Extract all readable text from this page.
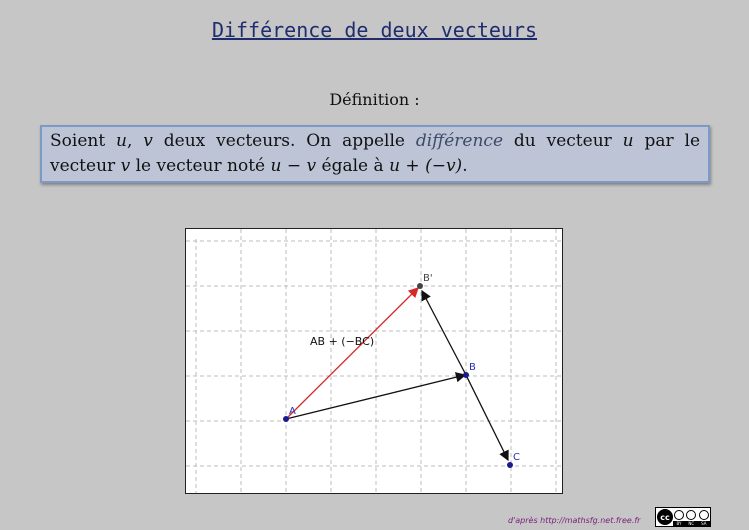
Différence de deux vecteurs
Définition :
Soient u, v deux vecteurs. On appelle différence du vecteur u par le vecteur v le vecteur noté u − v égale à u + (−v).
A
B
C
B'
AB + (−BC)
d'après http://mathsfg.net.free.fr	cc
BY NC SA
